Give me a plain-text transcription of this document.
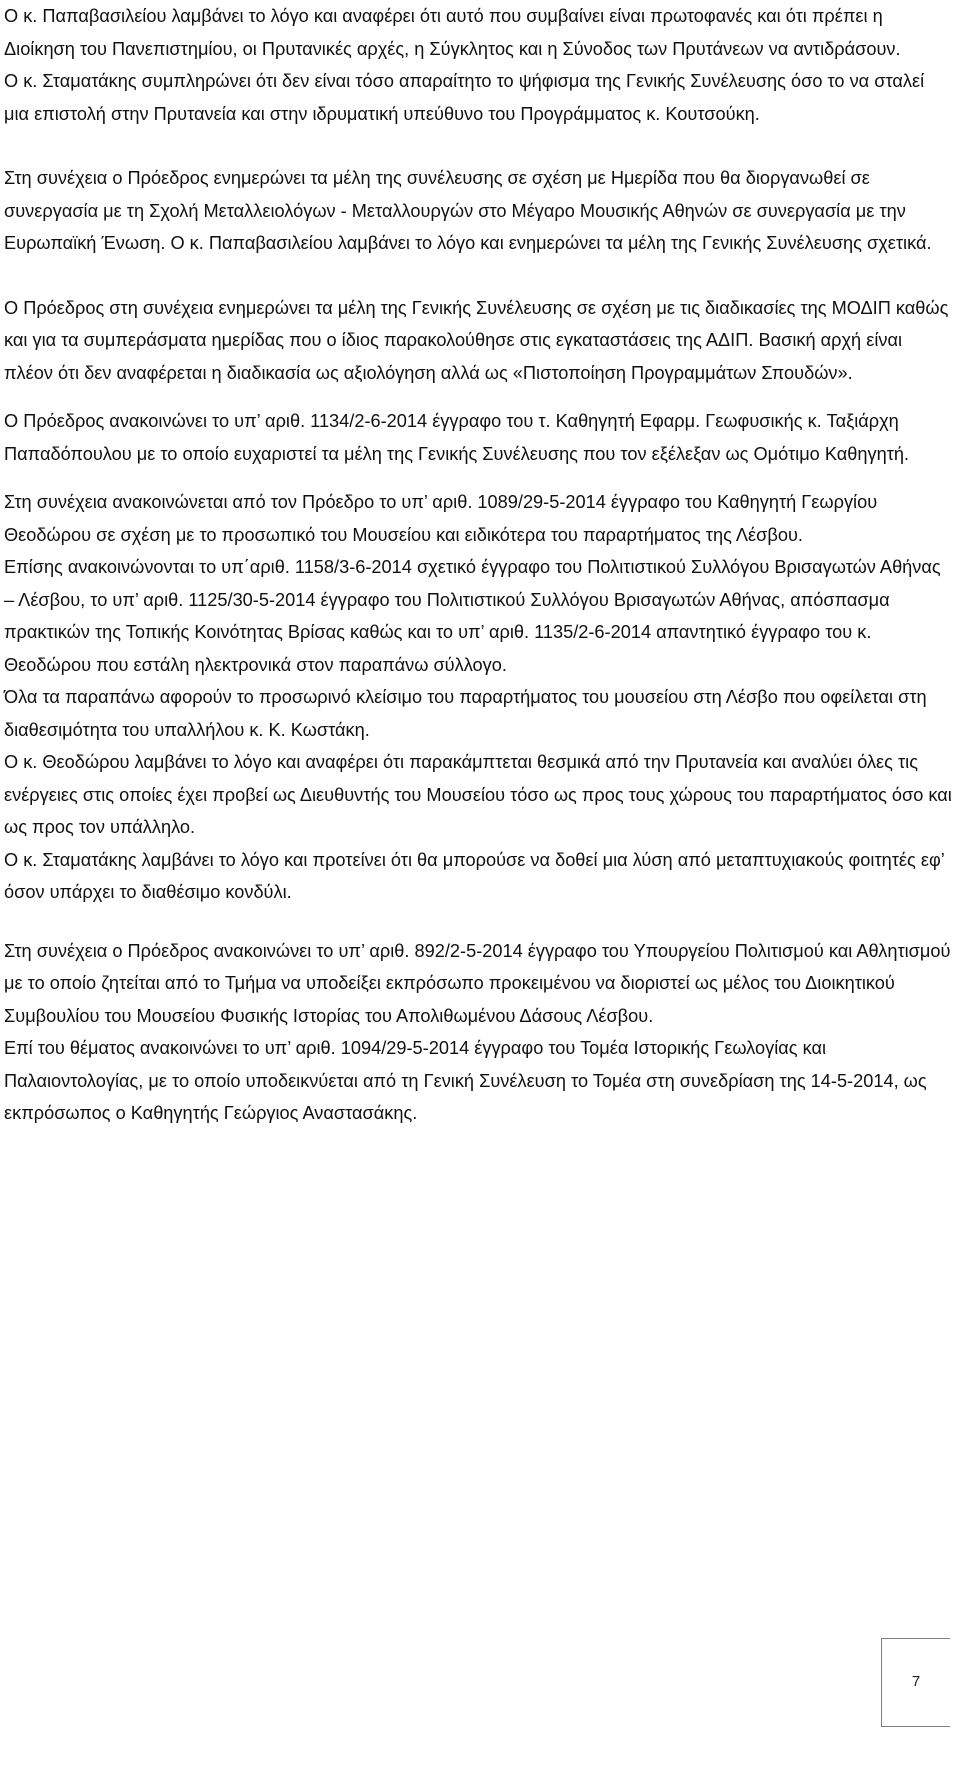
Ο κ. Παπαβασιλείου λαμβάνει το λόγο και αναφέρει ότι αυτό που συμβαίνει είναι πρωτοφανές και ότι πρέπει η Διοίκηση του Πανεπιστημίου, οι Πρυτανικές αρχές, η Σύγκλητος και η Σύνοδος των Πρυτάνεων να αντιδράσουν.

Ο κ. Σταματάκης συμπληρώνει ότι δεν είναι τόσο απαραίτητο το ψήφισμα της Γενικής Συνέλευσης όσο το να σταλεί μια επιστολή στην Πρυτανεία και στην ιδρυματική υπεύθυνο του Προγράμματος κ. Κουτσούκη.

Στη συνέχεια ο Πρόεδρος ενημερώνει τα μέλη της συνέλευσης σε σχέση με Ημερίδα που θα διοργανωθεί σε συνεργασία με τη Σχολή Μεταλλειολόγων - Μεταλλουργών στο Μέγαρο Μουσικής Αθηνών σε συνεργασία με την Ευρωπαϊκή Ένωση. Ο κ. Παπαβασιλείου λαμβάνει το λόγο και ενημερώνει τα μέλη της Γενικής Συνέλευσης σχετικά.

Ο Πρόεδρος στη συνέχεια ενημερώνει τα μέλη της Γενικής Συνέλευσης σε σχέση με τις διαδικασίες της ΜΟΔΙΠ καθώς και για τα συμπεράσματα ημερίδας που ο ίδιος παρακολούθησε στις εγκαταστάσεις της ΑΔΙΠ. Βασική αρχή είναι πλέον ότι δεν αναφέρεται η διαδικασία ως αξιολόγηση αλλά ως «Πιστοποίηση Προγραμμάτων Σπουδών».

Ο Πρόεδρος ανακοινώνει το υπ’ αριθ. 1134/2-6-2014 έγγραφο του τ. Καθηγητή Εφαρμ. Γεωφυσικής κ. Ταξιάρχη Παπαδόπουλου με το οποίο ευχαριστεί τα μέλη της Γενικής Συνέλευσης που τον εξέλεξαν ως Ομότιμο Καθηγητή.

Στη συνέχεια ανακοινώνεται από τον Πρόεδρο το υπ’ αριθ. 1089/29-5-2014 έγγραφο του Καθηγητή Γεωργίου Θεοδώρου σε σχέση με το προσωπικό του Μουσείου και ειδικότερα του παραρτήματος της Λέσβου.

Επίσης ανακοινώνονται το υπ΄αριθ. 1158/3-6-2014 σχετικό έγγραφο του Πολιτιστικού Συλλόγου Βρισαγωτών Αθήνας – Λέσβου, το υπ’ αριθ. 1125/30-5-2014 έγγραφο του Πολιτιστικού Συλλόγου Βρισαγωτών Αθήνας, απόσπασμα πρακτικών της Τοπικής Κοινότητας Βρίσας καθώς και το υπ’ αριθ. 1135/2-6-2014 απαντητικό έγγραφο του κ. Θεοδώρου που εστάλη ηλεκτρονικά στον παραπάνω σύλλογο.

Όλα τα παραπάνω αφορούν το προσωρινό κλείσιμο του παραρτήματος του μουσείου στη Λέσβο που οφείλεται στη διαθεσιμότητα του υπαλλήλου κ. Κ. Κωστάκη.

Ο κ. Θεοδώρου λαμβάνει το λόγο και αναφέρει ότι παρακάμπτεται θεσμικά από την Πρυτανεία και αναλύει όλες τις ενέργειες στις οποίες έχει προβεί ως Διευθυντής του Μουσείου τόσο ως προς τους χώρους του παραρτήματος όσο και ως προς τον υπάλληλο.

Ο κ. Σταματάκης λαμβάνει το λόγο και προτείνει ότι θα μπορούσε να δοθεί μια λύση από μεταπτυχιακούς φοιτητές εφ’ όσον υπάρχει το διαθέσιμο κονδύλι.

Στη συνέχεια ο Πρόεδρος ανακοινώνει το υπ’ αριθ. 892/2-5-2014 έγγραφο του Υπουργείου Πολιτισμού και Αθλητισμού με το οποίο ζητείται από το Τμήμα να υποδείξει εκπρόσωπο προκειμένου να διοριστεί ως μέλος του Διοικητικού Συμβουλίου του Μουσείου Φυσικής Ιστορίας του Απολιθωμένου Δάσους Λέσβου.

Επί του θέματος ανακοινώνει το υπ’ αριθ. 1094/29-5-2014 έγγραφο του Τομέα Ιστορικής Γεωλογίας και Παλαιοντολογίας, με το οποίο υποδεικνύεται από τη Γενική Συνέλευση το Τομέα στη συνεδρίαση της 14-5-2014, ως εκπρόσωπος ο Καθηγητής Γεώργιος Αναστασάκης.

7
